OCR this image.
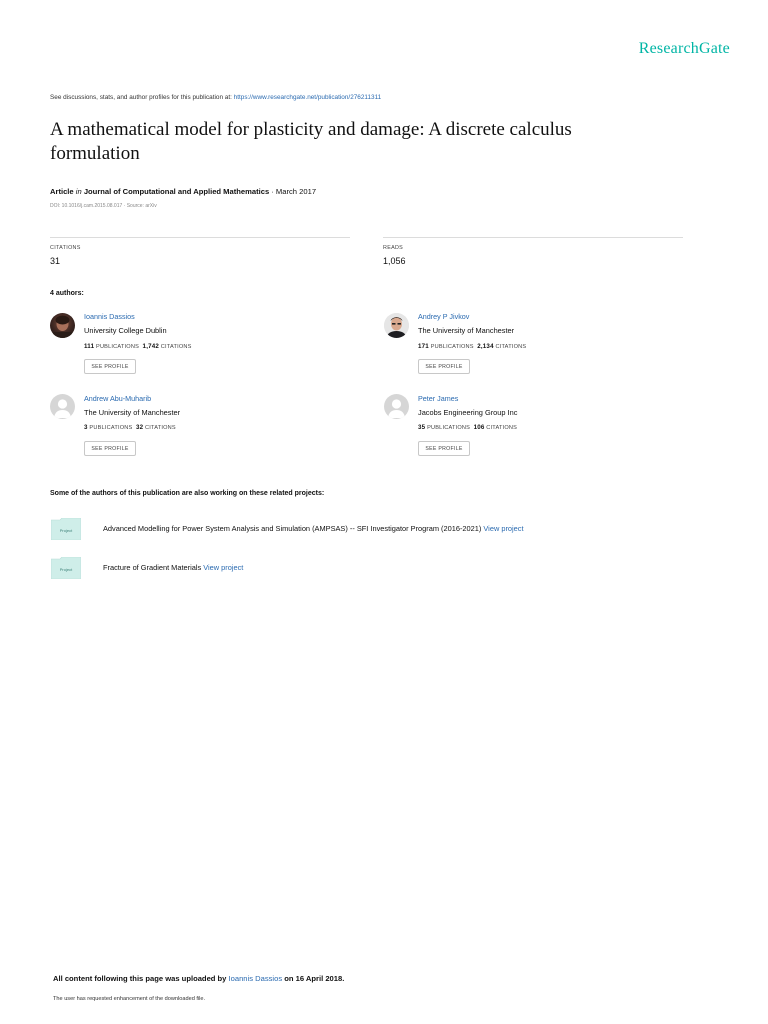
ResearchGate
See discussions, stats, and author profiles for this publication at: https://www.researchgate.net/publication/276211311
A mathematical model for plasticity and damage: A discrete calculus formulation
Article in Journal of Computational and Applied Mathematics · March 2017
DOI: 10.1016/j.cam.2015.08.017 · Source: arXiv
CITATIONS
31
READS
1,056
4 authors:
Ioannis Dassios
University College Dublin
111 PUBLICATIONS 1,742 CITATIONS
SEE PROFILE
Andrey P Jivkov
The University of Manchester
171 PUBLICATIONS 2,134 CITATIONS
SEE PROFILE
Andrew Abu-Muharib
The University of Manchester
3 PUBLICATIONS 32 CITATIONS
SEE PROFILE
Peter James
Jacobs Engineering Group Inc
35 PUBLICATIONS 106 CITATIONS
SEE PROFILE
Some of the authors of this publication are also working on these related projects:
Project	Advanced Modelling for Power System Analysis and Simulation (AMPSAS) -- SFI Investigator Program (2016-2021) View project
Project	Fracture of Gradient Materials View project
All content following this page was uploaded by Ioannis Dassios on 16 April 2018.
The user has requested enhancement of the downloaded file.
